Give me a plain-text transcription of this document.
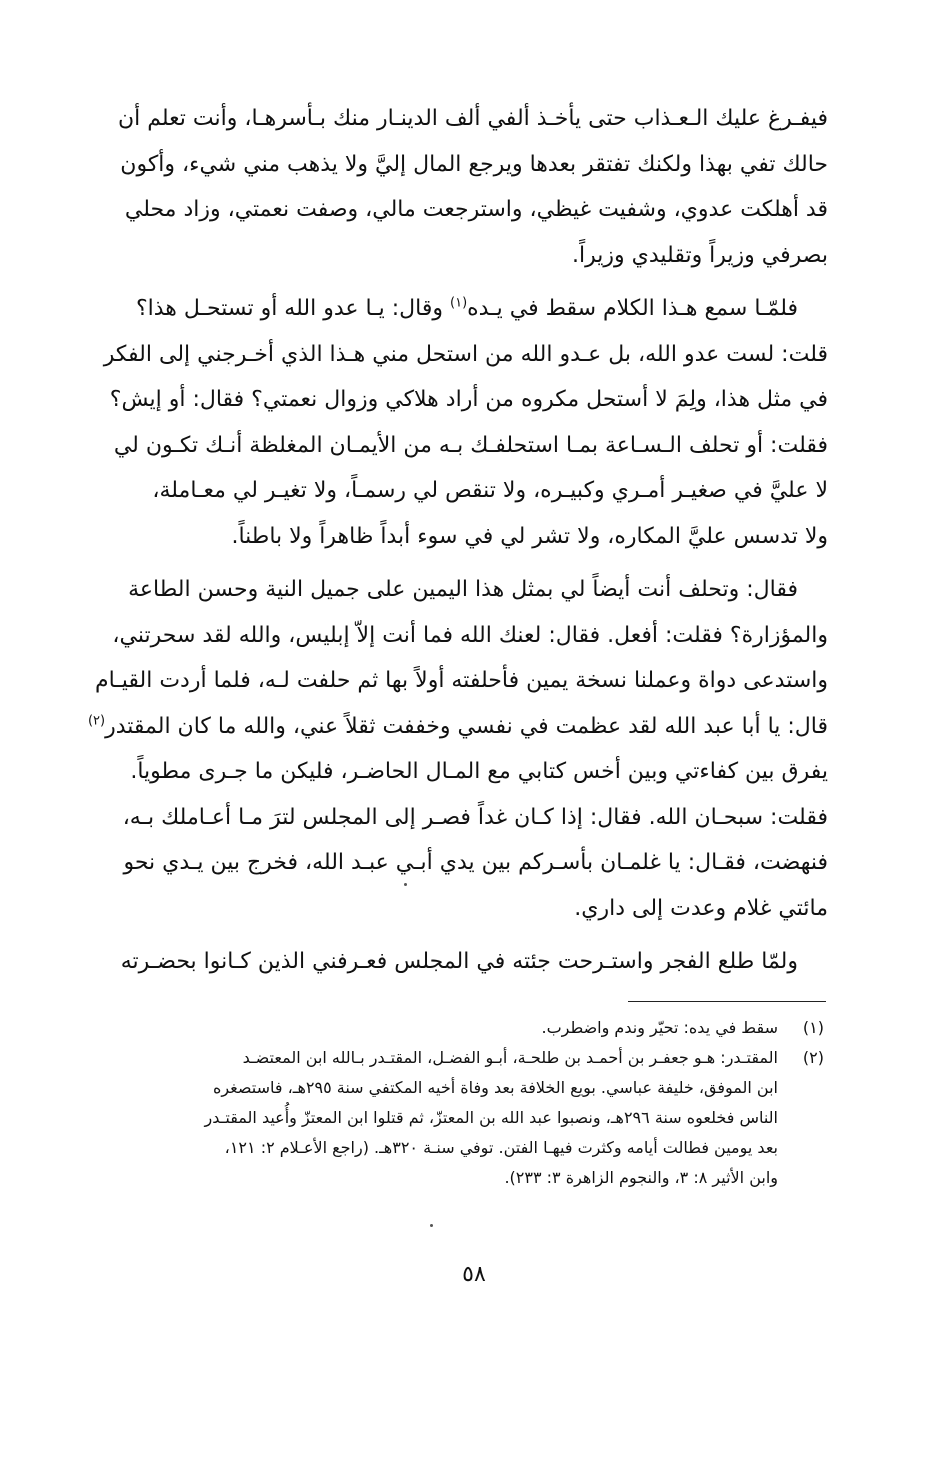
فيفـرغ عليك الـعـذاب حتى يأخـذ ألفي ألف الدينـار منك بـأسرهـا، وأنت تعلم أن
حالك تفي بهذا ولكنك تفتقر بعدها ويرجع المال إليَّ ولا يذهب مني شيء، وأكون
قد أهلكت عدوي، وشفيت غيظي، واسترجعت مالي، وصفت نعمتي، وزاد محلي
بصرفي وزيراً وتقليدي وزيراً.

فلمّـا سمع هـذا الكلام سقط في يـده$^{(١)}$ وقال: يـا عدو الله أو تستحـل هذا؟
قلت: لست عدو الله، بل عـدو الله من استحل مني هـذا الذي أخـرجني إلى الفكر
في مثل هذا، ولِمَ لا أستحل مكروه من أراد هلاكي وزوال نعمتي؟ فقال: أو إيش؟
فقلت: أو تحلف الـسـاعة بمـا استحلفـك بـه من الأيمـان المغلظة أنـك تكـون لي
لا عليَّ في صغيـر أمـري وكبيـره، ولا تنقص لي رسمـاً، ولا تغيـر لي معـاملة،
ولا تدسس عليَّ المكاره، ولا تشر لي في سوء أبداً ظاهراً ولا باطناً.

فقال: وتحلف أنت أيضاً لي بمثل هذا اليمين على جميل النية وحسن الطاعة
والمؤزارة؟ فقلت: أفعل. فقال: لعنك الله فما أنت إلاّ إبليس، والله لقد سحرتني،
واستدعى دواة وعملنا نسخة يمين فأحلفته أولاً بها ثم حلفت لـه، فلما أردت القيـام
قال: يا أبا عبد الله لقد عظمت في نفسي وخففت ثقلاً عني، والله ما كان المقتدر$^{(٢)}$
يفرق بين كفاءتي وبين أخس كتابي مع المـال الحاضـر، فليكن ما جـرى مطوياً.
فقلت: سبحـان الله. فقال: إذا كـان غداً فصـر إلى المجلس لترَ مـا أعـاملك بـه،
فنهضت، فقـال: يا غلمـان بأسـركم بين يدي أبـي عبـد الله، فخرج بين يـدي نحو
مائتي غلام وعدت إلى داري.

ولمّا طلع الفجر واستـرحت جئته في المجلس فعـرفني الذين كـانوا بحضـرته

(١)
سقط في يده: تحيّر وندم واضطرب.
(٢)
المقتـدر: هـو جعفـر بن أحمـد بن طلحـة، أبـو الفضـل، المقتـدر بـالله ابن المعتضـد
ابن الموفق، خليفة عباسي. بويع الخلافة بعد وفاة أخيه المكتفي سنة ٢٩٥هـ، فاستصغره
الناس فخلعوه سنة ٢٩٦هـ، ونصبوا عبد الله بن المعتزّ، ثم قتلوا ابن المعتزّ وأُعيد المقتـدر
بعد يومين فطالت أيامه وكثرت فيهـا الفتن. توفي سنـة ٣٢٠هـ. (راجع الأعـلام ٢: ١٢١،
وابن الأثير ٨: ٣، والنجوم الزاهرة ٣: ٢٣٣).
٥٨
